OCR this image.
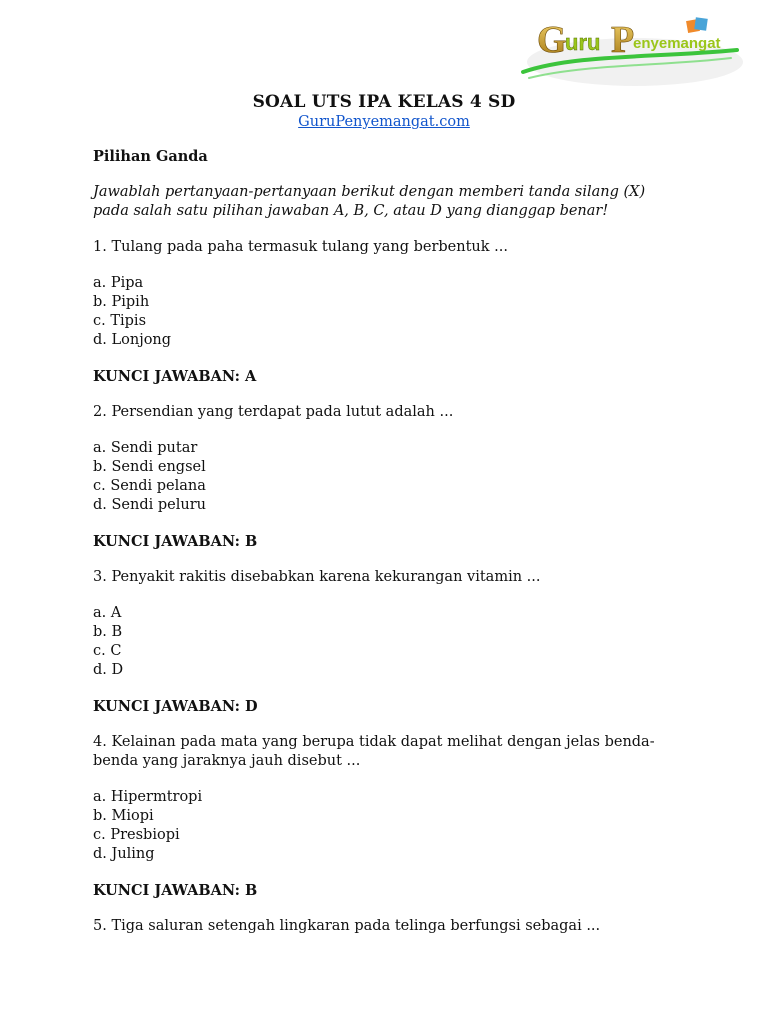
G
uru P
enyemangat
SOAL UTS IPA KELAS 4 SD
GuruPenyemangat.com
Pilihan Ganda
Jawablah pertanyaan-pertanyaan berikut dengan memberi tanda silang (X) pada salah satu pilihan jawaban A, B, C, atau D yang dianggap benar!
1. Tulang pada paha termasuk tulang yang berbentuk ...
a. Pipa
b. Pipih
c. Tipis
d. Lonjong
KUNCI JAWABAN: A
2. Persendian yang terdapat pada lutut adalah ...
a. Sendi putar
b. Sendi engsel
c. Sendi pelana
d. Sendi peluru
KUNCI JAWABAN: B
3. Penyakit rakitis disebabkan karena kekurangan vitamin ...
a. A
b. B
c. C
d. D
KUNCI JAWABAN: D
4. Kelainan pada mata yang berupa tidak dapat melihat dengan jelas benda-benda yang jaraknya jauh disebut ...
a. Hipermtropi
b. Miopi
c. Presbiopi
d. Juling
KUNCI JAWABAN: B
5. Tiga saluran setengah lingkaran pada telinga berfungsi sebagai ...
